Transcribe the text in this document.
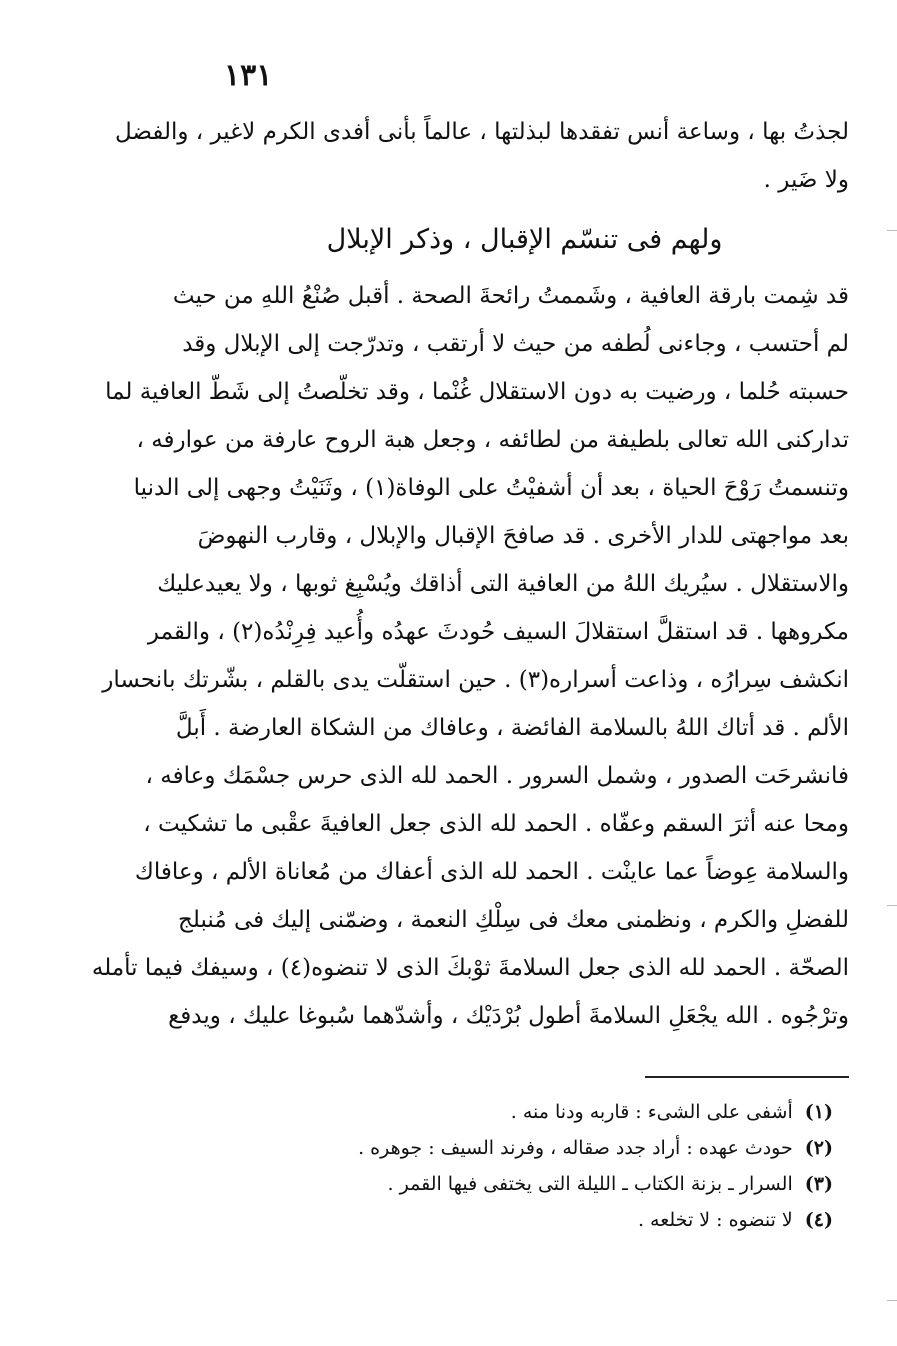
١٣١
لجذتُ بها ، وساعة أنس تفقدها لبذلتها ، عالماً بأنى أفدى الكرم لاغير ، والفضل
ولا ضَير .
ولهم فى تنسّم الإقبال ، وذكر الإبلال
قد شِمت بارقة العافية ، وشَممتُ رائحةَ الصحة . أقبل صُنْعُ اللهِ من حيث
لم أحتسب ، وجاءنى لُطفه من حيث لا أرتقب ، وتدرّجت إلى الإبلال وقد
حسبته حُلما ، ورضيت به دون الاستقلال غُنْما ، وقد تخلّصتُ إلى شَطّ العافية لما
تداركنى الله تعالى بلطيفة من لطائفه ، وجعل هبة الروح عارفة من عوارفه ،
وتنسمتُ رَوْحَ الحياة ، بعد أن أشفيْتُ على الوفاة(١) ، وثَنَيْتُ وجهى إلى الدنيا
بعد مواجهتى للدار الأخرى . قد صافحَ الإقبال والإبلال ، وقارب النهوضَ
والاستقلال . سيُريك اللهُ من العافية التى أذاقك ويُسْبِغ ثوبها ، ولا يعيدعليك
مكروهها . قد استقلَّ استقلالَ السيف حُودثَ عهدُه وأُعيد فِرِنْدُه(٢) ، والقمر
انكشف سِرارُه ، وذاعت أسراره(٣) . حين استقلّت يدى بالقلم ، بشّرتك بانحسار
الألم . قد أتاك اللهُ بالسلامة الفائضة ، وعافاك من الشكاة العارضة . أَبلَّ
فانشرحَت الصدور ، وشمل السرور . الحمد لله الذى حرس جسْمَك وعافه ،
ومحا عنه أثرَ السقم وعفّاه . الحمد لله الذى جعل العافيةَ عقْبى ما تشكيت ،
والسلامة عِوضاً عما عاينْت . الحمد لله الذى أعفاك من مُعاناة الألم ، وعافاك
للفضلِ والكرم ، ونظمنى معك فى سِلْكِ النعمة ، وضمّنى إليك فى مُنبلج
الصحّة . الحمد لله الذى جعل السلامةَ ثوْبكَ الذى لا تنضوه(٤) ، وسيفك فيما تأمله
وترْجُوه . الله يجْعَلِ السلامةَ أطول بُرْدَيْك ، وأشدّهما سُبوغا عليك ، ويدفع
(١) أشفى على الشىء : قاربه ودنا منه .
(٢) حودث عهده : أراد جدد صقاله ، وفرند السيف : جوهره .
(٣) السرار ـ بزنة الكتاب ـ الليلة التى يختفى فيها القمر .
(٤) لا تنضوه : لا تخلعه .
